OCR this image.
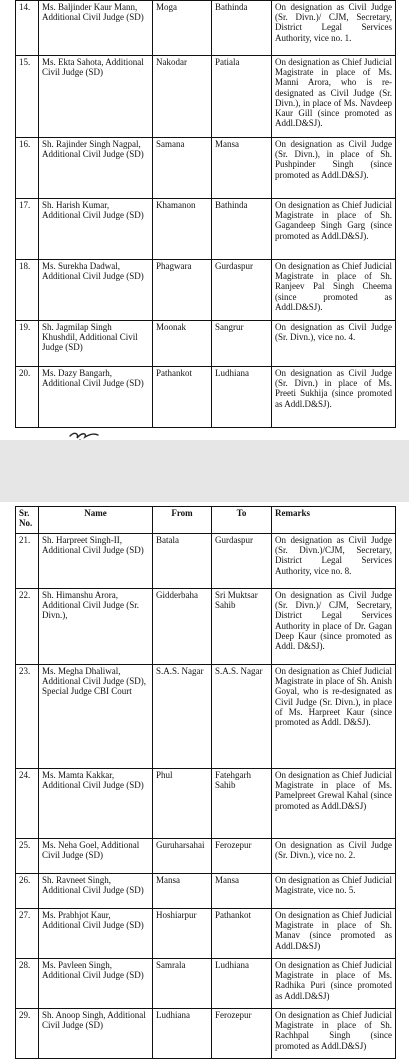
14.	Ms. Baljinder Kaur Mann, Additional Civil Judge (SD)	Moga	Bathinda	On designation as Civil Judge (Sr. Divn.)/ CJM, Secretary, District Legal Services Authority, vice no. 1.
15.	Ms. Ekta Sahota, Additional Civil Judge (SD)	Nakodar	Patiala	On designation as Chief Judicial Magistrate in place of Ms. Manni Arora, who is re-designated as Civil Judge (Sr. Divn.), in place of Ms. Navdeep Kaur Gill (since promoted as Addl.D&SJ).
16.	Sh. Rajinder Singh Nagpal, Additional Civil Judge (SD)	Samana	Mansa	On designation as Civil Judge (Sr. Divn.), in place of Sh. Pushpinder Singh (since promoted as Addl.D&SJ).
17.	Sh. Harish Kumar, Additional Civil Judge (SD)	Khamanon	Bathinda	On designation as Chief Judicial Magistrate in place of Sh. Gagandeep Singh Garg (since promoted as Addl.D&SJ).
18.	Ms. Surekha Dadwal, Additional Civil Judge (SD)	Phagwara	Gurdaspur	On designation as Chief Judicial Magistrate in place of Sh. Ranjeev Pal Singh Cheema (since promoted as Addl.D&SJ).
19.	Sh. Jagmilap Singh Khushdil, Additional Civil Judge (SD)	Moonak	Sangrur	On designation as Civil Judge (Sr. Divn.), vice no. 4.
20.	Ms. Dazy Bangarh, Additional Civil Judge (SD)	Pathankot	Ludhiana	On designation as Civil Judge (Sr. Divn.) in place of Ms. Preeti Sukhija (since promoted as Addl.D&SJ).
Sr. No.	Name	From	To	Remarks
21.	Sh. Harpreet Singh-II, Additional Civil Judge (SD)	Batala	Gurdaspur	On designation as Civil Judge (Sr. Divn.)/CJM, Secretary, District Legal Services Authority, vice no. 8.
22.	Sh. Himanshu Arora, Additional Civil Judge (Sr. Divn.),	Gidderbaha	Sri Muktsar Sahib	On designation as Civil Judge (Sr. Divn.)/ CJM, Secretary, District Legal Services Authority in place of Dr. Gagan Deep Kaur (since promoted as Addl. D&SJ).
23.	Ms. Megha Dhaliwal, Additional Civil Judge (SD), Special Judge CBI Court	S.A.S. Nagar	S.A.S. Nagar	On designation as Chief Judicial Magistrate in place of Sh. Anish Goyal, who is re-designated as Civil Judge (Sr. Divn.), in place of Ms. Harpreet Kaur (since promoted as Addl. D&SJ).
24.	Ms. Mamta Kakkar, Additional Civil Judge (SD)	Phul	Fatehgarh Sahib	On designation as Chief Judicial Magistrate in place of Ms. Pamelpreet Grewal Kahal (since promoted as Addl.D&SJ)
25.	Ms. Neha Goel, Additional Civil Judge (SD)	Guruharsahai	Ferozepur	On designation as Civil Judge (Sr. Divn.), vice no. 2.
26.	Sh. Ravneet Singh, Additional Civil Judge (SD)	Mansa	Mansa	On designation as Chief Judicial Magistrate, vice no. 5.
27.	Ms. Prabhjot Kaur, Additional Civil Judge (SD)	Hoshiarpur	Pathankot	On designation as Chief Judicial Magistrate in place of Sh. Manav (since promoted as Addl.D&SJ)
28.	Ms. Pavleen Singh, Additional Civil Judge (SD)	Samrala	Ludhiana	On designation as Chief Judicial Magistrate in place of Ms. Radhika Puri (since promoted as Addl.D&SJ)
29.	Sh. Anoop Singh, Additional Civil Judge (SD)	Ludhiana	Ferozepur	On designation as Chief Judicial Magistrate in place of Sh. Rachhpal Singh (since promoted as Addl.D&SJ)
